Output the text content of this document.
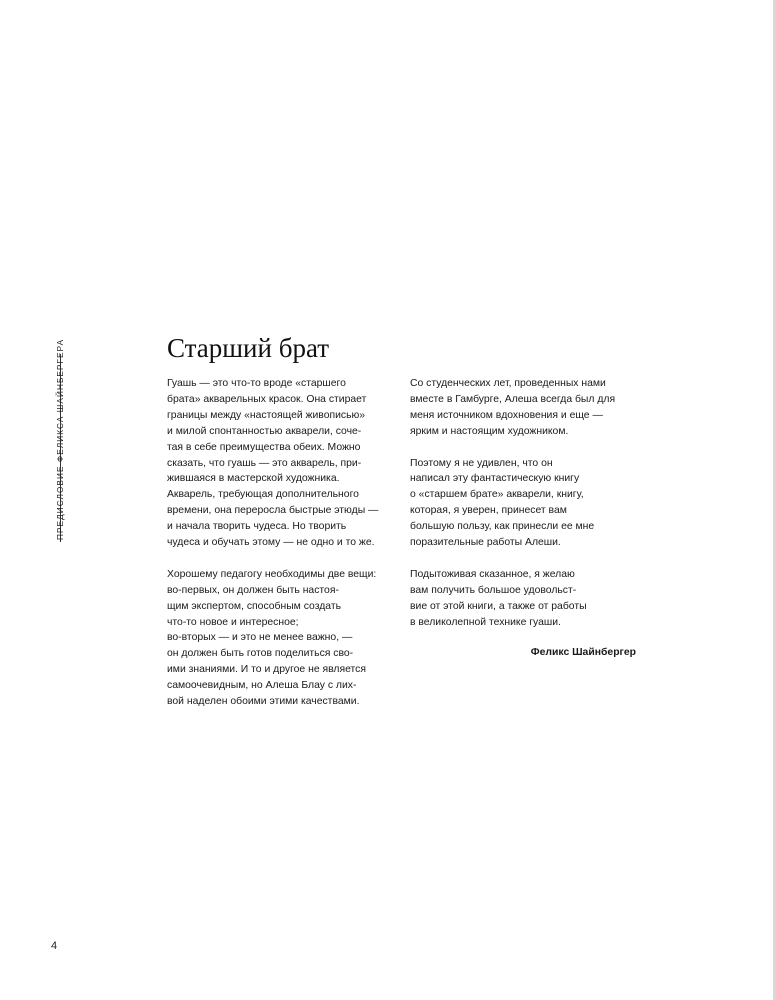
ПРЕДИСЛОВИЕ ФЕЛИКСА ШАЙНБЕРГЕРА	Старший брат

Гуашь — это что-то вроде «старшего
брата» акварельных красок. Она стирает
границы между «настоящей живописью»
и милой спонтанностью акварели, соче-
тая в себе преимущества обеих. Можно
сказать, что гуашь — это акварель, при-
жившаяся в мастерской художника.
Акварель, требующая дополнительного
времени, она переросла быстрые этюды —
и начала творить чудеса. Но творить
чудеса и обучать этому — не одно и то же.

Хорошему педагогу необходимы две вещи:
во-первых, он должен быть настоя-
щим экспертом, способным создать
что-то новое и интересное;
во-вторых — и это не менее важно, —
он должен быть готов поделиться сво-
ими знаниями. И то и другое не является
самоочевидным, но Алеша Блау с лих-
вой наделен обоими этими качествами.

Со студенческих лет, проведенных нами
вместе в Гамбурге, Алеша всегда был для
меня источником вдохновения и еще —
ярким и настоящим художником.

Поэтому я не удивлен, что он
написал эту фантастическую книгу
о «старшем брате» акварели, книгу,
которая, я уверен, принесет вам
большую пользу, как принесли ее мне
поразительные работы Алеши.

Подытоживая сказанное, я желаю
вам получить большое удовольст-
вие от этой книги, а также от работы
в великолепной технике гуаши.

Феликс Шайнбергер
4
